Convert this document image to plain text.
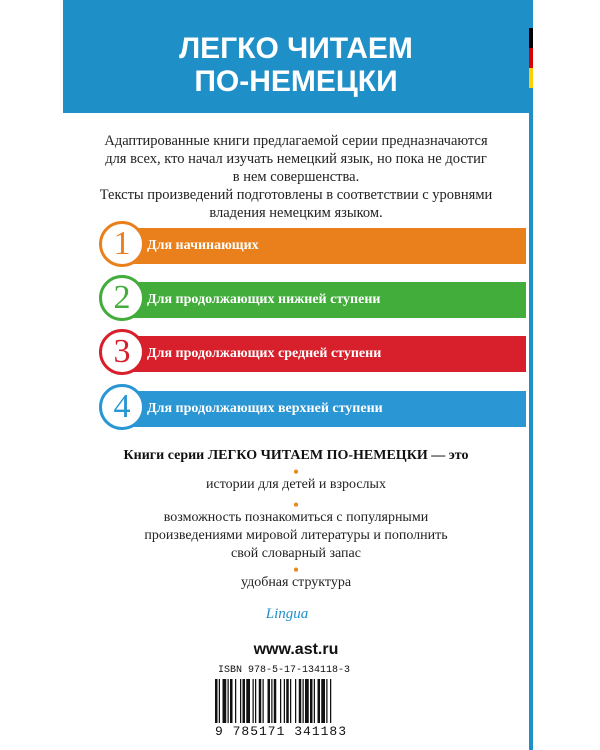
ЛЕГКО ЧИТАЕМ
ПО-НЕМЕЦКИ

Адаптированные книги предлагаемой серии предназначаются
для всех, кто начал изучать немецкий язык, но пока не достиг
в нем совершенства.
Тексты произведений подготовлены в соответствии с уровнями
владения немецким языком.

1	Для начинающих
2	Для продолжающих нижней ступени
3	Для продолжающих средней ступени
4	Для продолжающих верхней ступени
Книги серии ЛЕГКО ЧИТАЕМ ПО-НЕМЕЦКИ — это
•
истории для детей и взрослых
•
возможность познакомиться с популярными
произведениями мировой литературы и пополнить
свой словарный запас
•
удобная структура
Lingua
www.ast.ru
ISBN 978-5-17-134118-3
9 785171 341183
